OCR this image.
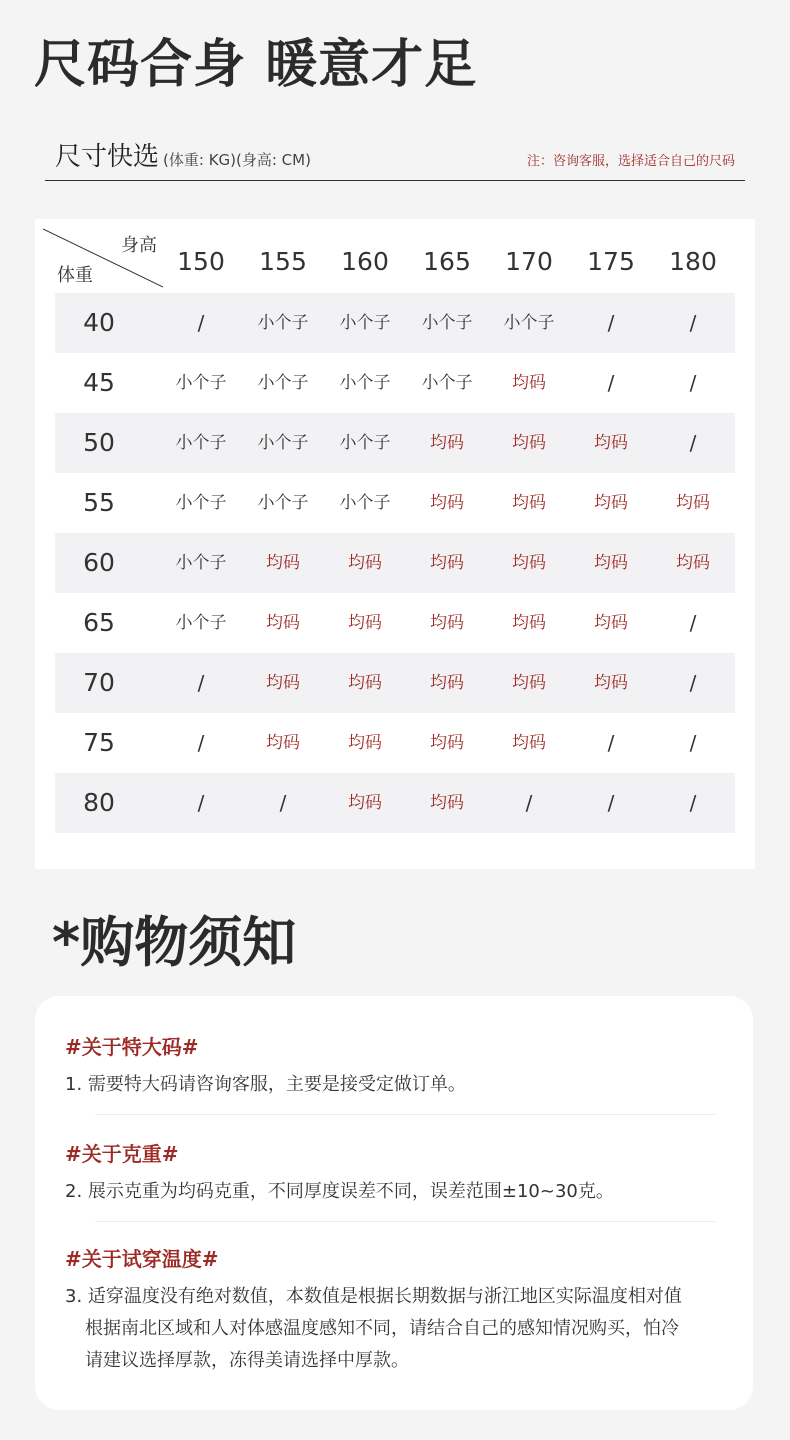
尺码合身 暖意才足
尺寸快选 (体重: KG)(身高: CM)	注：咨询客服，选择适合自己的尺码
身高
体重	150	155	160	165	170	175	180
40	/	小个子	小个子	小个子	小个子	/	/
45	小个子	小个子	小个子	小个子	均码	/	/
50	小个子	小个子	小个子	均码	均码	均码	/
55	小个子	小个子	小个子	均码	均码	均码	均码
60	小个子	均码	均码	均码	均码	均码	均码
65	小个子	均码	均码	均码	均码	均码	/
70	/	均码	均码	均码	均码	均码	/
75	/	均码	均码	均码	均码	/	/
80	/	/	均码	均码	/	/	/
*购物须知
#关于特大码#
1. 需要特大码请咨询客服，主要是接受定做订单。
#关于克重#
2. 展示克重为均码克重，不同厚度误差不同，误差范围±10~30克。
#关于试穿温度#
3. 适穿温度没有绝对数值，本数值是根据长期数据与浙江地区实际温度相对值
根据南北区域和人对体感温度感知不同，请结合自己的感知情况购买，怕冷
请建议选择厚款，冻得美请选择中厚款。
